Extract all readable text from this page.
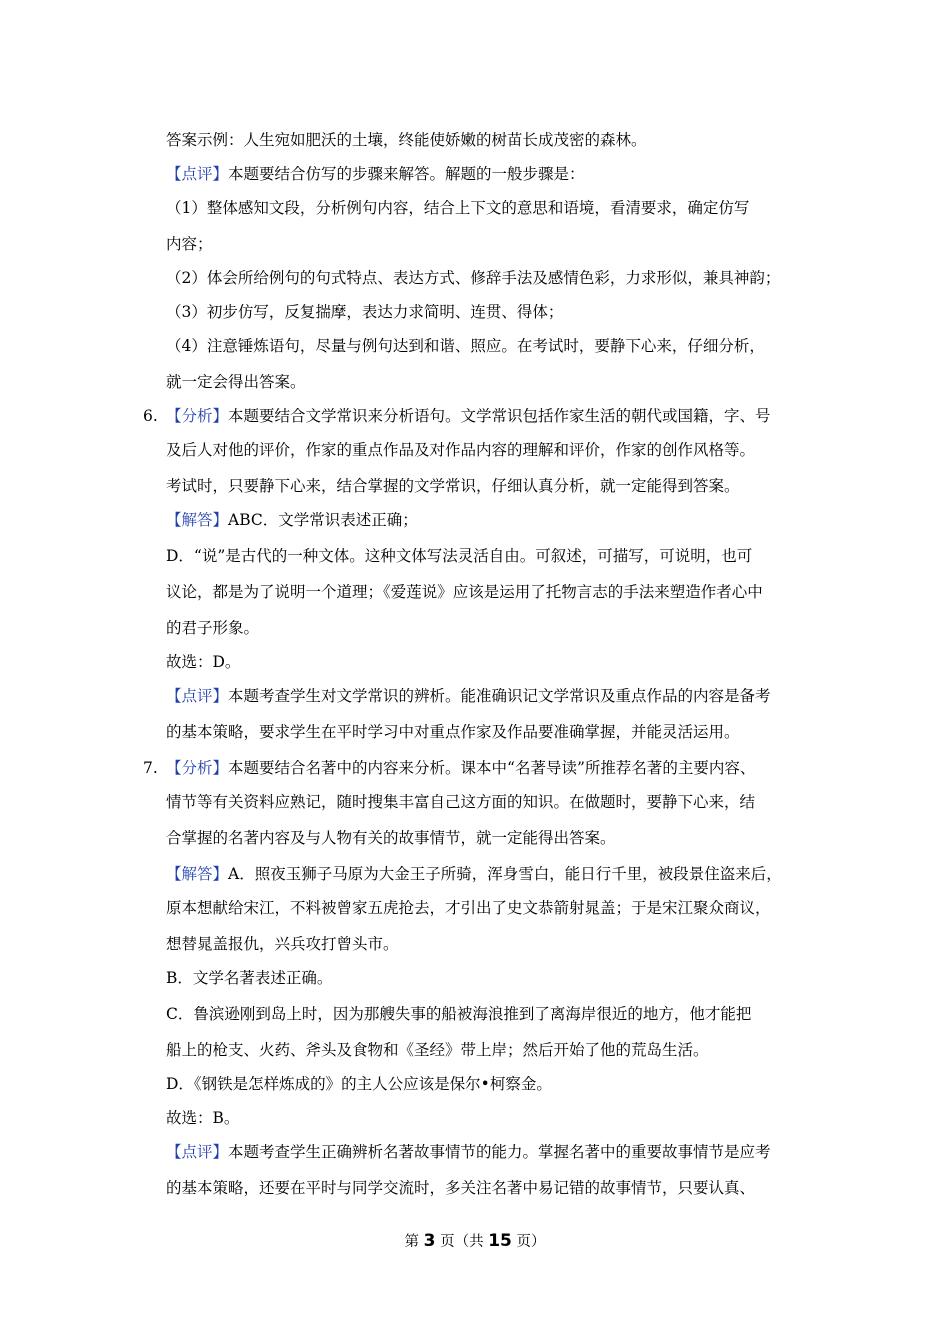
答案示例：人生宛如肥沃的土壤，终能使娇嫩的树苗长成茂密的森林。
【点评】本题要结合仿写的步骤来解答。解题的一般步骤是：
（1）整体感知文段，分析例句内容，结合上下文的意思和语境，看清要求，确定仿写
内容；
（2）体会所给例句的句式特点、表达方式、修辞手法及感情色彩，力求形似，兼具神韵；
（3）初步仿写，反复揣摩，表达力求简明、连贯、得体；
（4）注意锤炼语句，尽量与例句达到和谐、照应。在考试时，要静下心来，仔细分析，
就一定会得出答案。
6. 【分析】本题要结合文学常识来分析语句。文学常识包括作家生活的朝代或国籍，字、号
及后人对他的评价，作家的重点作品及对作品内容的理解和评价，作家的创作风格等。
考试时，只要静下心来，结合掌握的文学常识，仔细认真分析，就一定能得到答案。
【解答】ABC．文学常识表述正确；
D．“说”是古代的一种文体。这种文体写法灵活自由。可叙述，可描写，可说明，也可
议论，都是为了说明一个道理；《爱莲说》应该是运用了托物言志的手法来塑造作者心中
的君子形象。
故选：D。
【点评】本题考查学生对文学常识的辨析。能准确识记文学常识及重点作品的内容是备考
的基本策略，要求学生在平时学习中对重点作家及作品要准确掌握，并能灵活运用。
7. 【分析】本题要结合名著中的内容来分析。课本中“名著导读”所推荐名著的主要内容、
情节等有关资料应熟记，随时搜集丰富自己这方面的知识。在做题时，要静下心来，结
合掌握的名著内容及与人物有关的故事情节，就一定能得出答案。
【解答】A．照夜玉狮子马原为大金王子所骑，浑身雪白，能日行千里，被段景住盗来后，
原本想献给宋江，不料被曾家五虎抢去，才引出了史文恭箭射晁盖；于是宋江聚众商议，
想替晁盖报仇，兴兵攻打曾头市。
B．文学名著表述正确。
C．鲁滨逊刚到岛上时，因为那艘失事的船被海浪推到了离海岸很近的地方，他才能把
船上的枪支、火药、斧头及食物和《圣经》带上岸；然后开始了他的荒岛生活。
D．《钢铁是怎样炼成的》的主人公应该是保尔•柯察金。
故选：B。
【点评】本题考查学生正确辨析名著故事情节的能力。掌握名著中的重要故事情节是应考
的基本策略，还要在平时与同学交流时，多关注名著中易记错的故事情节，只要认真、
第 3 页（共 15 页）
